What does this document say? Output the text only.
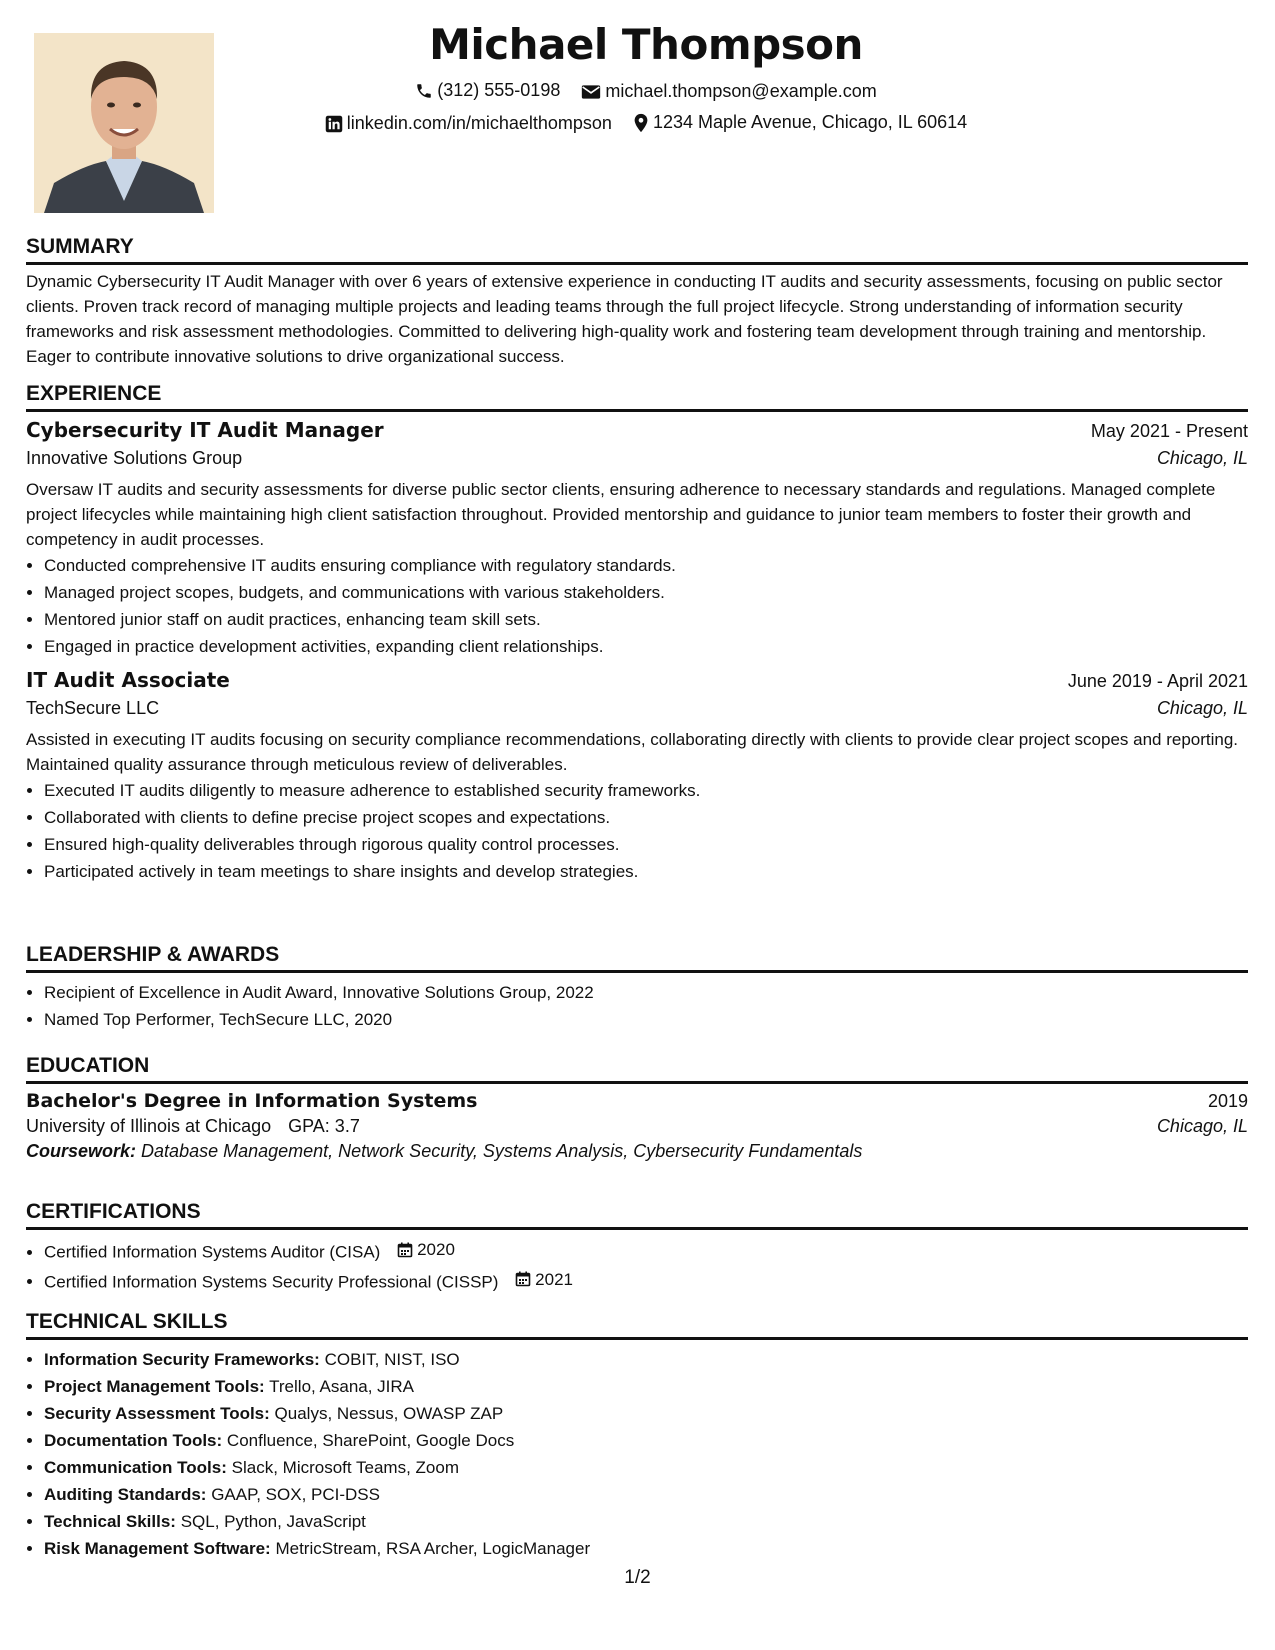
Michael Thompson
(312) 555-0198
	michael.thompson@example.com
linkedin.com/in/michaelthompson
1234 Maple Avenue, Chicago, IL 60614
SUMMARY

Dynamic Cybersecurity IT Audit Manager with over 6 years of extensive experience in conducting IT audits and security assessments, focusing on public sector clients. Proven track record of managing multiple projects and leading teams through the full project lifecycle. Strong understanding of information security frameworks and risk assessment methodologies. Committed to delivering high-quality work and fostering team development through training and mentorship. Eager to contribute innovative solutions to drive organizational success.

EXPERIENCE
Cybersecurity IT Audit Manager	May 2021 - Present
Innovative Solutions Group	Chicago, IL

Oversaw IT audits and security assessments for diverse public sector clients, ensuring adherence to necessary standards and regulations. Managed complete project lifecycles while maintaining high client satisfaction throughout. Provided mentorship and guidance to junior team members to foster their growth and competency in audit processes.

• Conducted comprehensive IT audits ensuring compliance with regulatory standards.
• Managed project scopes, budgets, and communications with various stakeholders.
• Mentored junior staff on audit practices, enhancing team skill sets.
• Engaged in practice development activities, expanding client relationships.
IT Audit Associate	June 2019 - April 2021
TechSecure LLC	Chicago, IL

Assisted in executing IT audits focusing on security compliance recommendations, collaborating directly with clients to provide clear project scopes and reporting. Maintained quality assurance through meticulous review of deliverables.

• Executed IT audits diligently to measure adherence to established security frameworks.
• Collaborated with clients to define precise project scopes and expectations.
• Ensured high-quality deliverables through rigorous quality control processes.
• Participated actively in team meetings to share insights and develop strategies.
LEADERSHIP & AWARDS
• Recipient of Excellence in Audit Award, Innovative Solutions Group, 2022
• Named Top Performer, TechSecure LLC, 2020
EDUCATION
Bachelor's Degree in Information Systems	2019
University of Illinois at Chicago GPA: 3.7	Chicago, IL
Coursework: Database Management, Network Security, Systems Analysis, Cybersecurity Fundamentals
CERTIFICATIONS
• Certified Information Systems Auditor (CISA) 2020
• Certified Information Systems Security Professional (CISSP) 2021
TECHNICAL SKILLS
• Information Security Frameworks: COBIT, NIST, ISO
• Project Management Tools: Trello, Asana, JIRA
• Security Assessment Tools: Qualys, Nessus, OWASP ZAP
• Documentation Tools: Confluence, SharePoint, Google Docs
• Communication Tools: Slack, Microsoft Teams, Zoom
• Auditing Standards: GAAP, SOX, PCI-DSS
• Technical Skills: SQL, Python, JavaScript
• Risk Management Software: MetricStream, RSA Archer, LogicManager
1/2
